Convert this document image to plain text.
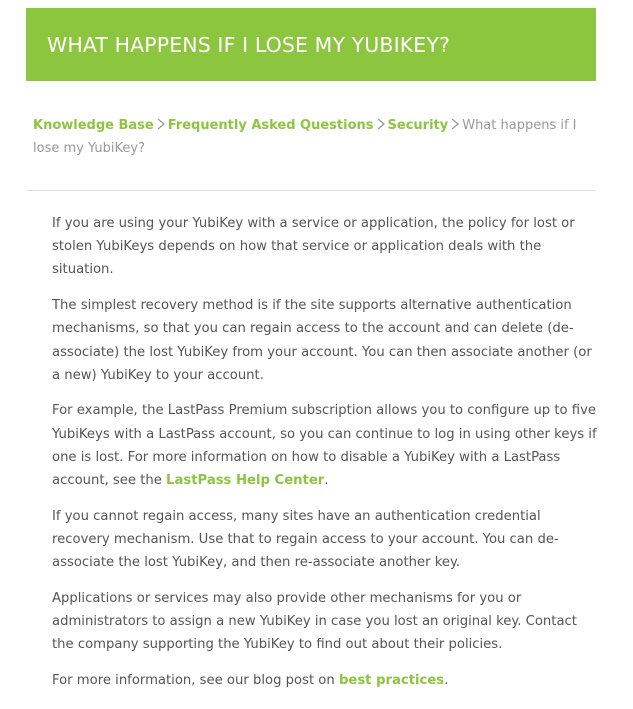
WHAT HAPPENS IF I LOSE MY YUBIKEY?
Knowledge Base Frequently Asked Questions Security What happens if I lose my YubiKey?

If you are using your YubiKey with a service or application, the policy for lost or stolen YubiKeys depends on how that service or application deals with the situation.

The simplest recovery method is if the site supports alternative authentication mechanisms, so that you can regain access to the account and can delete (de-associate) the lost YubiKey from your account. You can then associate another (or a new) YubiKey to your account.

For example, the LastPass Premium subscription allows you to configure up to five YubiKeys with a LastPass account, so you can continue to log in using other keys if one is lost. For more information on how to disable a YubiKey with a LastPass account, see the LastPass Help Center.

If you cannot regain access, many sites have an authentication credential recovery mechanism. Use that to regain access to your account. You can de-associate the lost YubiKey, and then re-associate another key.

Applications or services may also provide other mechanisms for you or administrators to assign a new YubiKey in case you lost an original key. Contact the company supporting the YubiKey to find out about their policies.

For more information, see our blog post on best practices.
